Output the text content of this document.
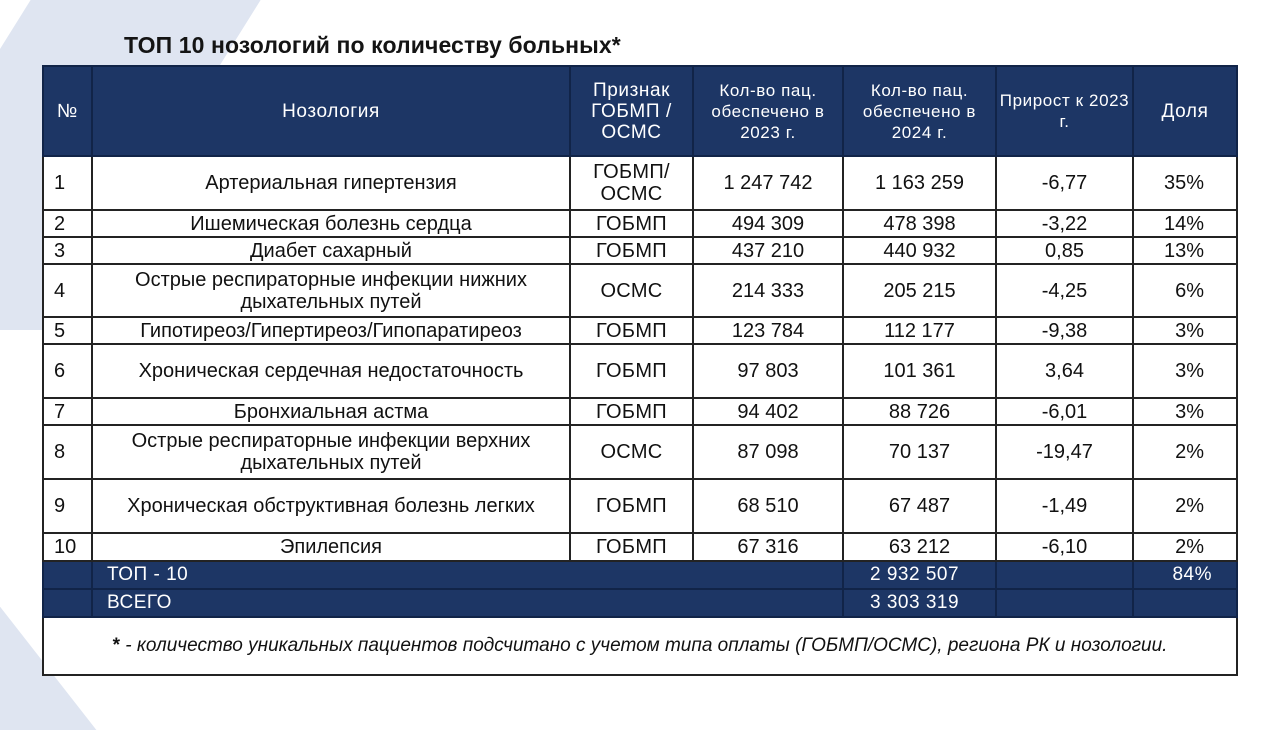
ТОП 10 нозологий по количеству больных*
№	Нозология	Признак ГОБМП / ОСМС	Кол-во пац. обеспечено в 2023 г.	Кол-во пац. обеспечено в 2024 г.	Прирост к 2023 г.	Доля
1	Артериальная гипертензия	ГОБМП/ ОСМС	1 247 742	1 163 259	-6,77	35%
2	Ишемическая болезнь сердца	ГОБМП	494 309	478 398	-3,22	14%
3	Диабет сахарный	ГОБМП	437 210	440 932	0,85	13%
4	Острые респираторные инфекции нижних дыхательных путей	ОСМС	214 333	205 215	-4,25	6%
5	Гипотиреоз/Гипертиреоз/Гипопаратиреоз	ГОБМП	123 784	112 177	-9,38	3%
6	Хроническая сердечная недостаточность	ГОБМП	97 803	101 361	3,64	3%
7	Бронхиальная астма	ГОБМП	94 402	88 726	-6,01	3%
8	Острые респираторные инфекции верхних дыхательных путей	ОСМС	87 098	70 137	-19,47	2%
9	Хроническая обструктивная болезнь легких	ГОБМП	68 510	67 487	-1,49	2%
10	Эпилепсия	ГОБМП	67 316	63 212	-6,10	2%
	ТОП - 10			2 932 507		84%
	ВСЕГО			3 303 319		
* - количество уникальных пациентов подсчитано с учетом типа оплаты (ГОБМП/ОСМС), региона РК и нозологии.						
